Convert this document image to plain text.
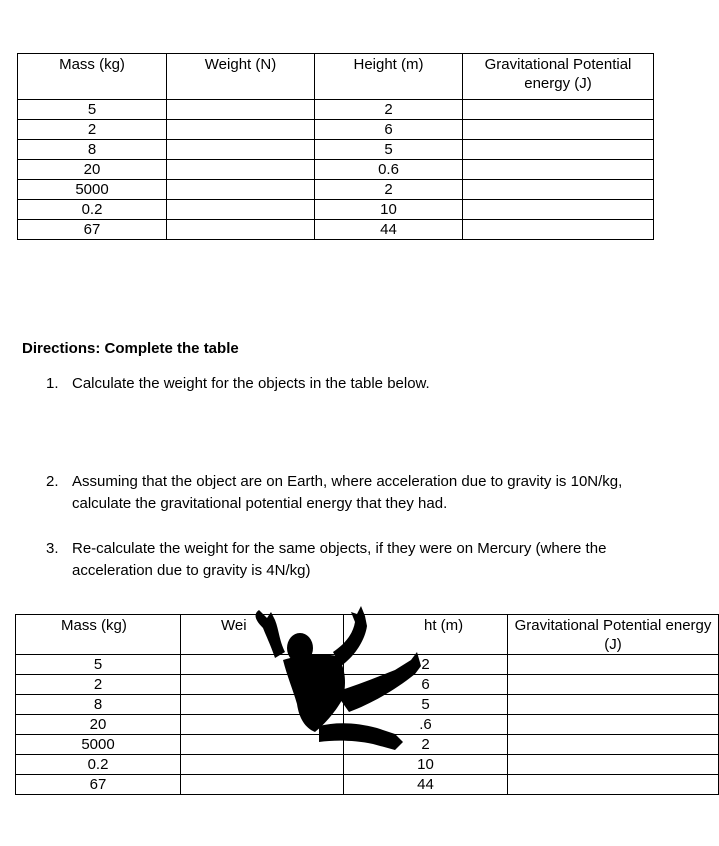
Mass (kg)	Weight (N)	Height (m)	Gravitational Potential energy (J)
5		2	
2		6	
8		5	
20		0.6	
5000		2	
0.2		10	
67		44	
Directions: Complete the table
1. Calculate the weight for the objects in the table below.
2. Assuming that the object are on Earth, where acceleration due to gravity is 10N/kg, calculate the gravitational potential energy that they had.
3. Re-calculate the weight for the same objects, if they were on Mercury (where the acceleration due to gravity is 4N/kg)
Mass (kg)	Wei	ht (m)	Gravitational Potential energy (J)
5		2	
2		6	
8		5	
20		.6	
5000		2	
0.2		10	
67		44	
